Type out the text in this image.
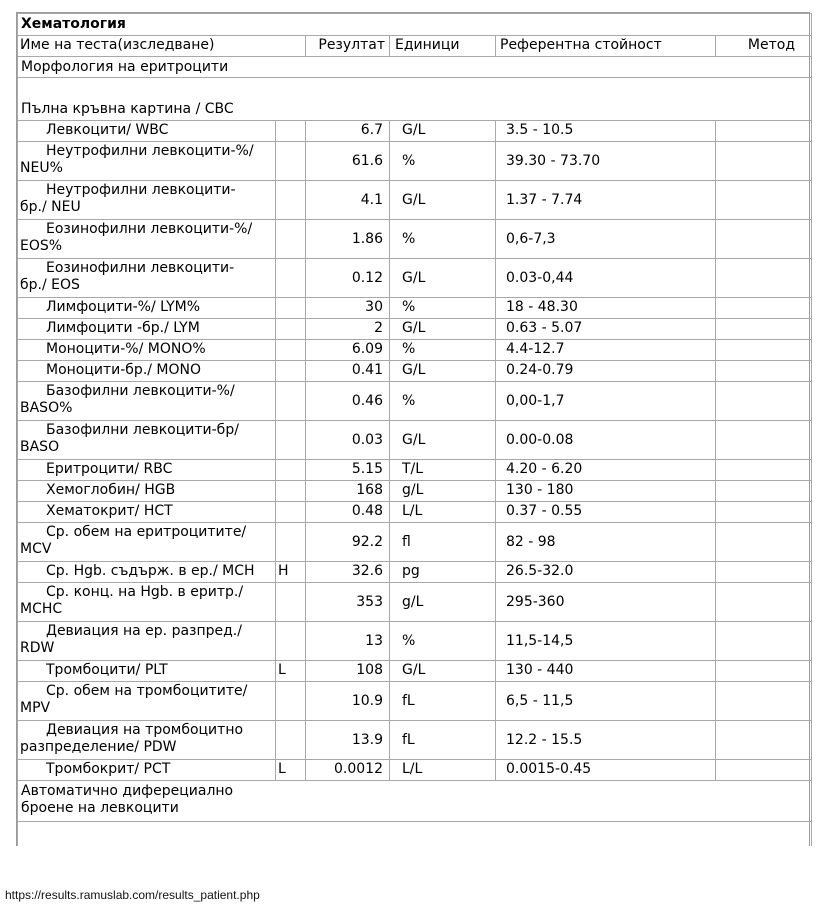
Хематология					
Име на теста(изследване)		Резултат	Единици	Референтна стойност	Метод
Морфология на еритроцити					
Пълна кръвна картина / CBC					

Левкоцити/ WBC		6.7	G/L	3.5 - 10.5	

Неутрофилни левкоцити-%/
NEU%		61.6	%	39.30 - 73.70	

Неутрофилни левкоцити-
бр./ NEU		4.1	G/L	1.37 - 7.74	

Еозинофилни левкоцити-%/
EOS%		1.86	%	0,6-7,3	

Еозинофилни левкоцити-
бр./ EOS		0.12	G/L	0.03-0,44	

Лимфоцити-%/ LYM%		30	%	18 - 48.30	

Лимфоцити -бр./ LYM		2	G/L	0.63 - 5.07	

Моноцити-%/ MONO%		6.09	%	4.4-12.7	

Моноцити-бр./ MONO		0.41	G/L	0.24-0.79	

Базофилни левкоцити-%/
BASO%		0.46	%	0,00-1,7	

Базофилни левкоцити-бр/
BASO		0.03	G/L	0.00-0.08	

Еритроцити/ RBC		5.15	T/L	4.20 - 6.20	

Хемоглобин/ HGB		168	g/L	130 - 180	

Хематокрит/ HCT		0.48	L/L	0.37 - 0.55	

Ср. обем на еритроцитите/
MCV		92.2	fl	82 - 98	

Ср. Hgb. съдърж. в ер./ MCH	H	32.6	pg	26.5-32.0	

Ср. конц. на Hgb. в еритр./
MCHC		353	g/L	295-360	

Девиация на ер. разпред./
RDW		13	%	11,5-14,5	

Тромбоцити/ PLT	L	108	G/L	130 - 440	

Ср. обем на тромбоцитите/
MPV		10.9	fL	6,5 - 11,5	

Девиация на тромбоцитно
разпределение/ PDW		13.9	fL	12.2 - 15.5	

Тромбокрит/ PCT	L	0.0012	L/L	0.0015-0.45	

Автоматично диферециално
броене на левкоцити					

https://results.ramuslab.com/results_patient.php
